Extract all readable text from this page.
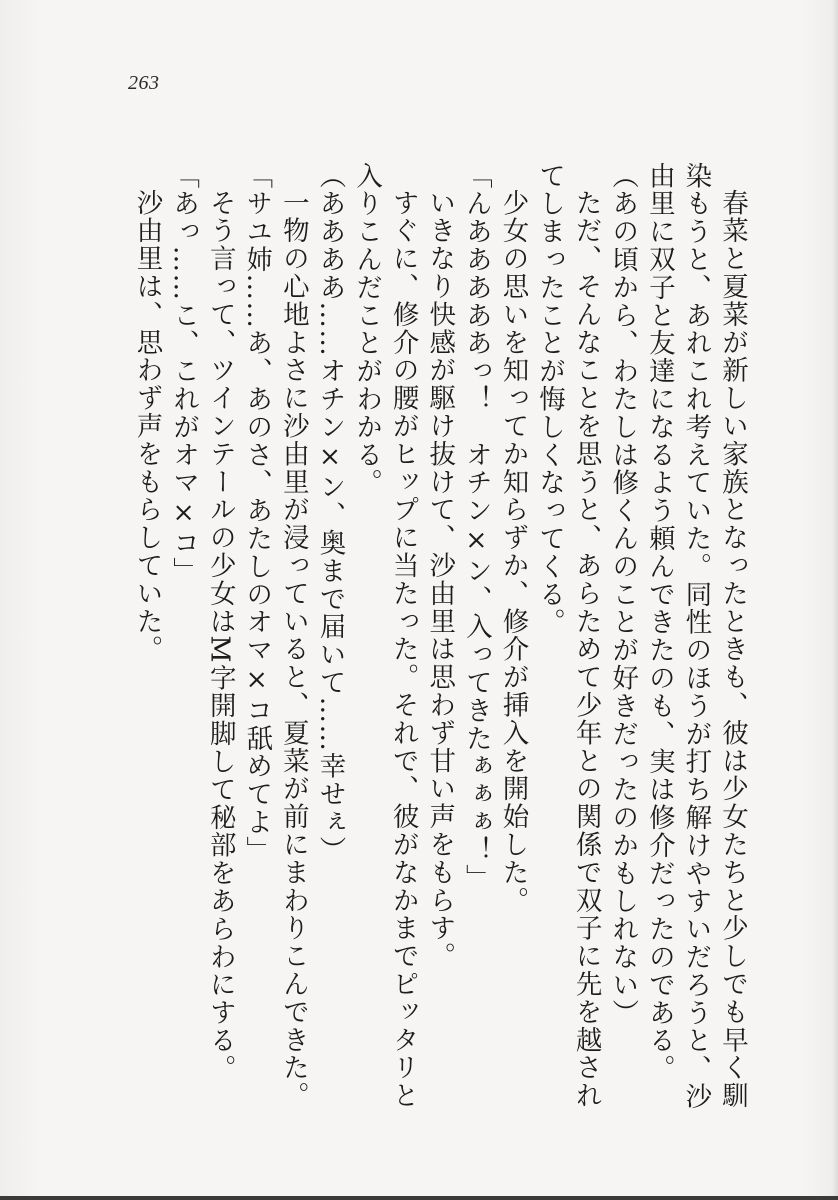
263

春菜と夏菜が新しい家族となったときも、彼は少女たちと少しでも早く馴染もうと、あれこれ考えていた。同性のほうが打ち解けやすいだろうと、沙由里に双子と友達になるよう頼んできたのも、実は修介だったのである。

（あの頃から、わたしは修くんのことが好きだったのかもしれない）

ただ、そんなことを思うと、あらためて少年との関係で双子に先を越されてしまったことが悔しくなってくる。

少女の思いを知ってか知らずか、修介が挿入を開始した。

「んあああああっ！　オチン×ン、入ってきたぁぁぁ！」

いきなり快感が駆け抜けて、沙由里は思わず甘い声をもらす。

すぐに、修介の腰がヒップに当たった。それで、彼がなかまでピッタリと入りこんだことがわかる。

（ああああ……オチン×ン、奥まで届いて……幸せぇ）

一物の心地よさに沙由里が浸っていると、夏菜が前にまわりこんできた。

「サユ姉……あ、あのさ、あたしのオマ×コ舐めてよ」

そう言って、ツインテールの少女はM字開脚して秘部をあらわにする。

「あっ……こ、これがオマ×コ」

沙由里は、思わず声をもらしていた。
